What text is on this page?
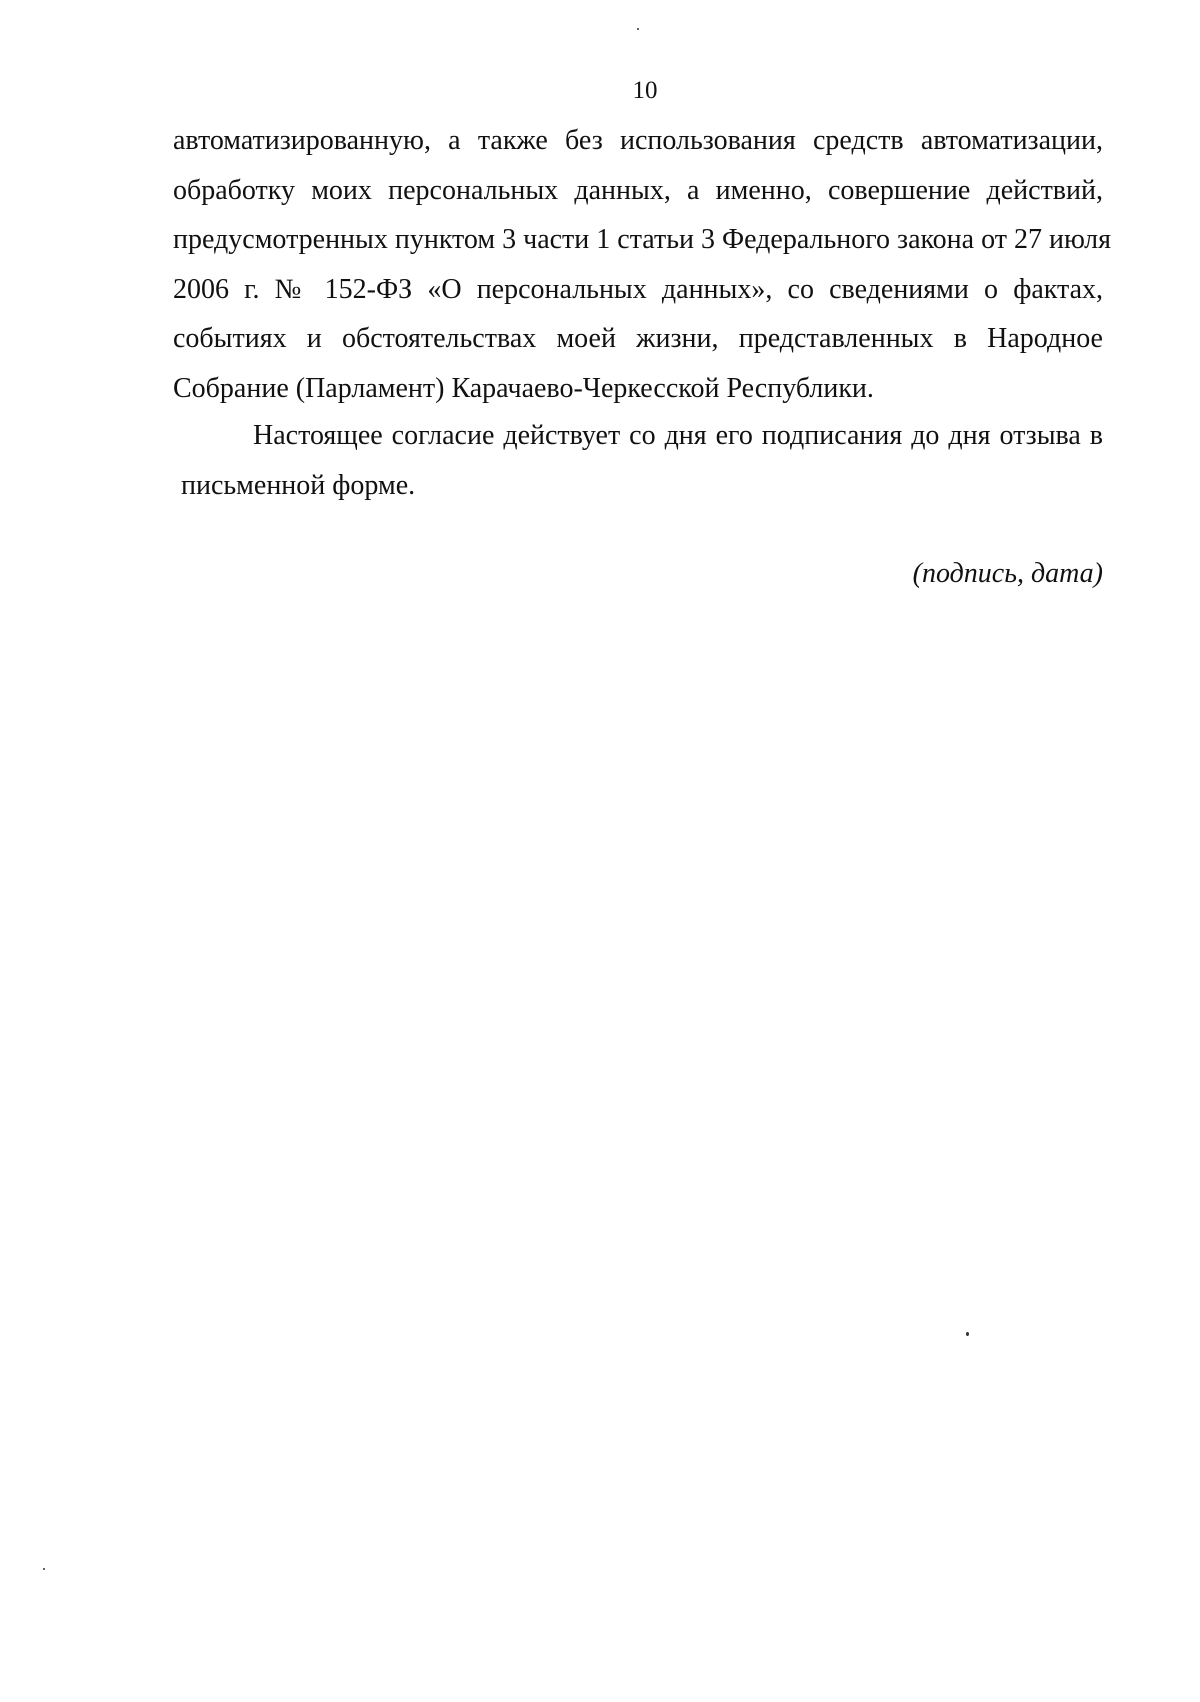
10
автоматизированную, а также без использования средств автоматизации,
обработку моих персональных данных, а именно, совершение действий,
предусмотренных пунктом 3 части 1 статьи 3 Федерального закона от 27 июля
2006 г. № 152-ФЗ «О персональных данных», со сведениями о фактах,
событиях и обстоятельствах моей жизни, представленных в Народное
Собрание (Парламент) Карачаево-Черкесской Республики.
Настоящее согласие действует со дня его подписания до дня отзыва в
письменной форме.
(подпись, дата)
